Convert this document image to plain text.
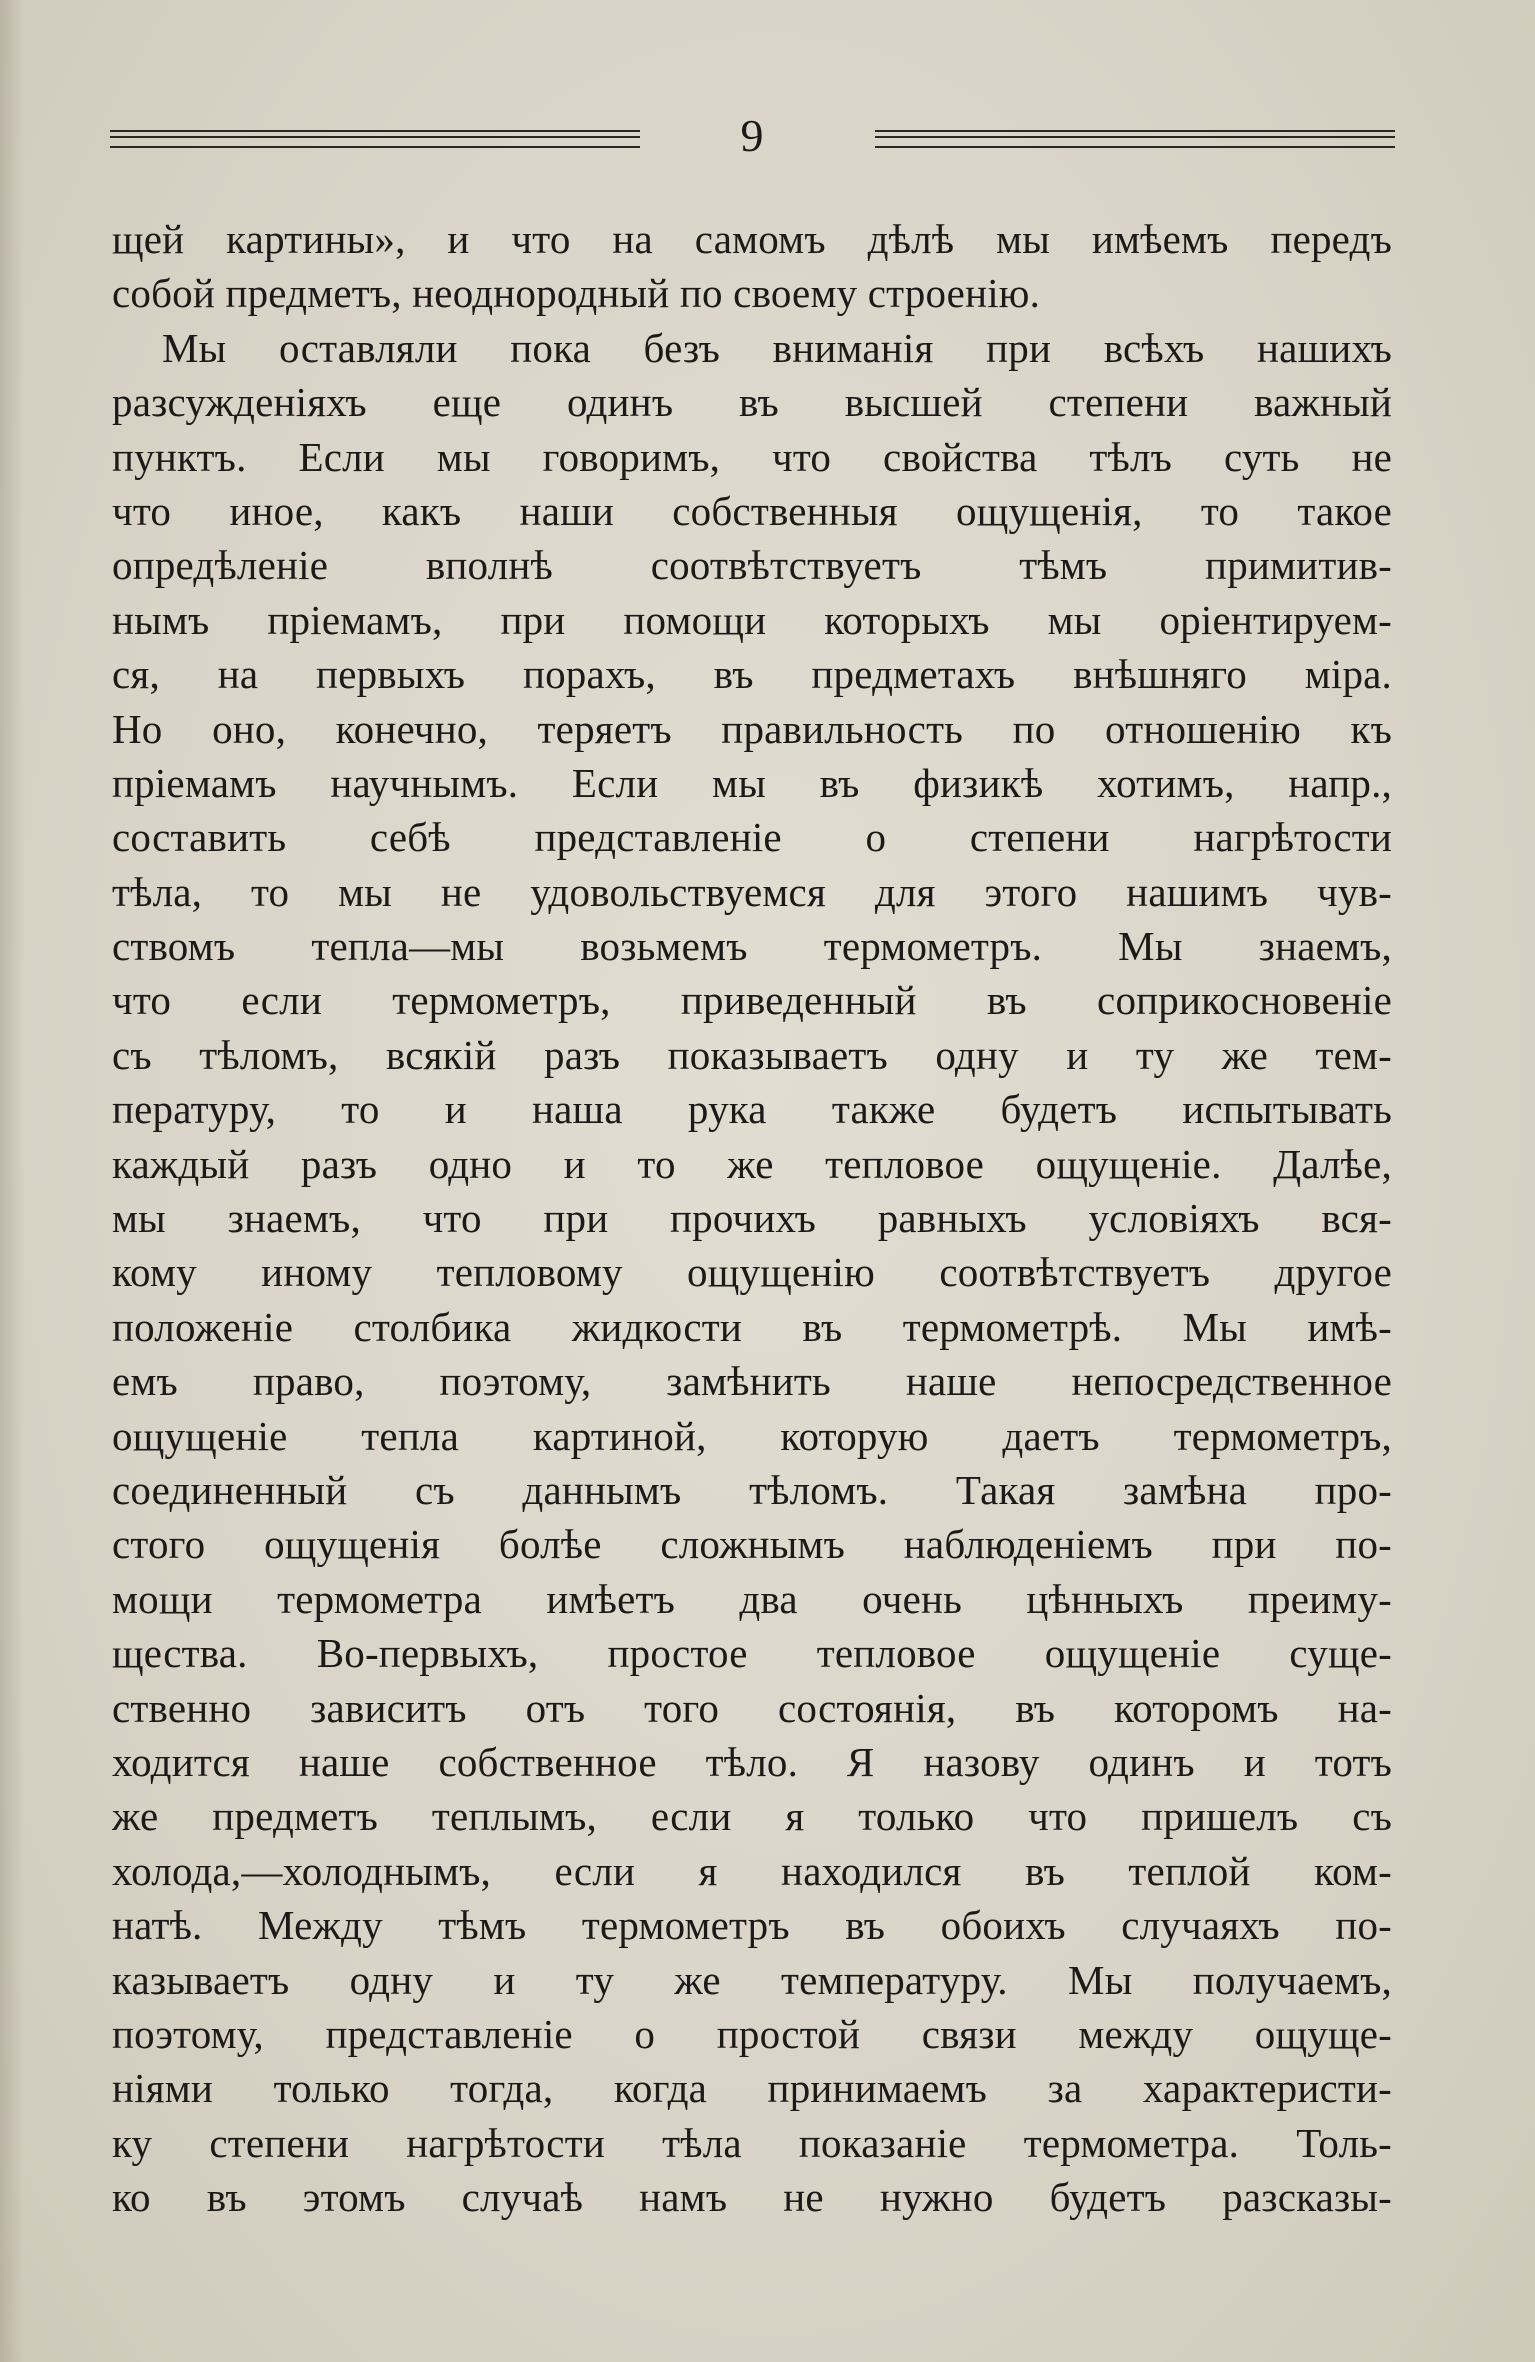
9
щей картины», и что на самомъ дѣлѣ мы имѣемъ передъ
собой предметъ, неоднородный по своему строенію.
Мы оставляли пока безъ вниманія при всѣхъ нашихъ
разсужденіяхъ еще одинъ въ высшей степени важный
пунктъ. Если мы говоримъ, что свойства тѣлъ суть не
что иное, какъ наши собственныя ощущенія, то такое
опредѣленіе вполнѣ соотвѣтствуетъ тѣмъ примитив-
нымъ пріемамъ, при помощи которыхъ мы оріентируем-
ся, на первыхъ порахъ, въ предметахъ внѣшняго міра.
Но оно, конечно, теряетъ правильность по отношенію къ
пріемамъ научнымъ. Если мы въ физикѣ хотимъ, напр.,
составить себѣ представленіе о степени нагрѣтости
тѣла, то мы не удовольствуемся для этого нашимъ чув-
ствомъ тепла—мы возьмемъ термометръ. Мы знаемъ,
что если термометръ, приведенный въ соприкосновеніе
съ тѣломъ, всякій разъ показываетъ одну и ту же тем-
пературу, то и наша рука также будетъ испытывать
каждый разъ одно и то же тепловое ощущеніе. Далѣе,
мы знаемъ, что при прочихъ равныхъ условіяхъ вся-
кому иному тепловому ощущенію соотвѣтствуетъ другое
положеніе столбика жидкости въ термометрѣ. Мы имѣ-
емъ право, поэтому, замѣнить наше непосредственное
ощущеніе тепла картиной, которую даетъ термометръ,
соединенный съ даннымъ тѣломъ. Такая замѣна про-
стого ощущенія болѣе сложнымъ наблюденіемъ при по-
мощи термометра имѣетъ два очень цѣнныхъ преиму-
щества. Во-первыхъ, простое тепловое ощущеніе суще-
ственно зависитъ отъ того состоянія, въ которомъ на-
ходится наше собственное тѣло. Я назову одинъ и тотъ
же предметъ теплымъ, если я только что пришелъ съ
холода,—холоднымъ, если я находился въ теплой ком-
натѣ. Между тѣмъ термометръ въ обоихъ случаяхъ по-
казываетъ одну и ту же температуру. Мы получаемъ,
поэтому, представленіе о простой связи между ощуще-
ніями только тогда, когда принимаемъ за характеристи-
ку степени нагрѣтости тѣла показаніе термометра. Толь-
ко въ этомъ случаѣ намъ не нужно будетъ разсказы-
